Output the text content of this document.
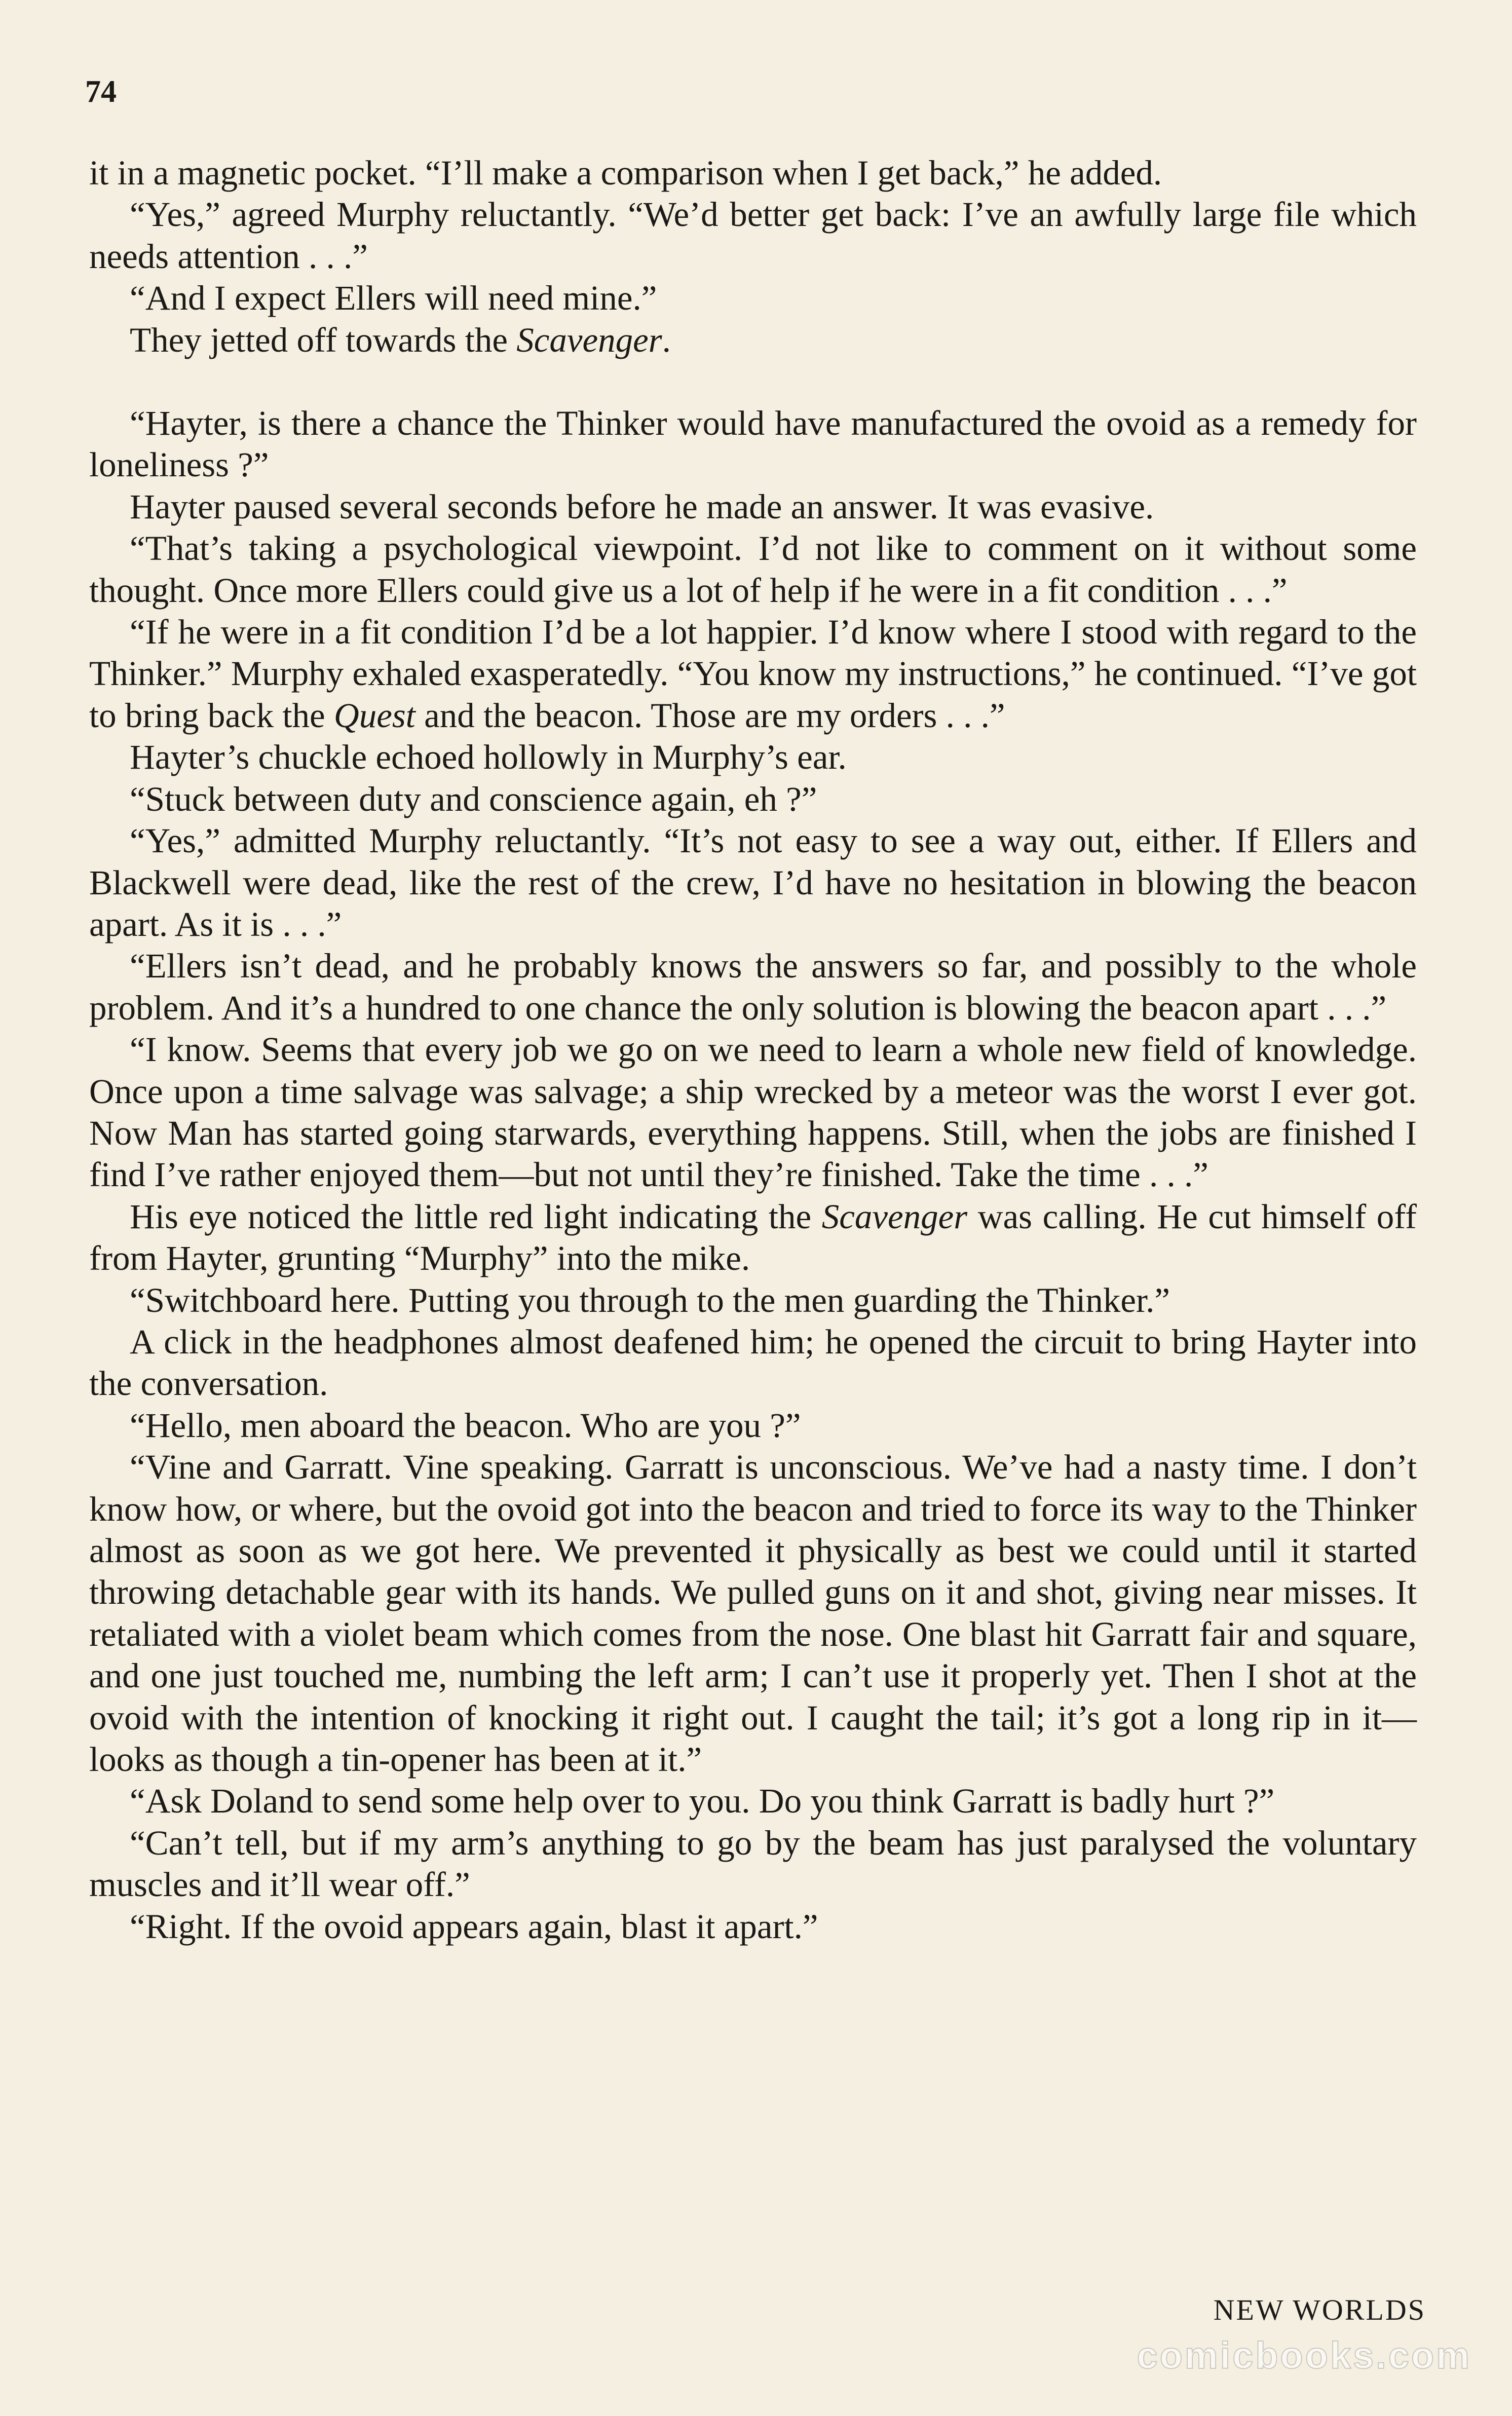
74

it in a magnetic pocket. “I’ll make a comparison when I get back,” he added.

“Yes,” agreed Murphy reluctantly. “We’d better get back: I’ve an awfully large file which needs attention . . .”

“And I expect Ellers will need mine.”

They jetted off towards the Scavenger.

“Hayter, is there a chance the Thinker would have manufactured the ovoid as a remedy for loneliness ?”

Hayter paused several seconds before he made an answer. It was evasive.

“That’s taking a psychological viewpoint. I’d not like to comment on it without some thought. Once more Ellers could give us a lot of help if he were in a fit condition . . .”

“If he were in a fit condition I’d be a lot happier. I’d know where I stood with regard to the Thinker.” Murphy exhaled exasperatedly. “You know my instructions,” he continued. “I’ve got to bring back the Quest and the beacon. Those are my orders . . .”

Hayter’s chuckle echoed hollowly in Murphy’s ear.

“Stuck between duty and conscience again, eh ?”

“Yes,” admitted Murphy reluctantly. “It’s not easy to see a way out, either. If Ellers and Blackwell were dead, like the rest of the crew, I’d have no hesitation in blowing the beacon apart. As it is . . .”

“Ellers isn’t dead, and he probably knows the answers so far, and possibly to the whole problem. And it’s a hundred to one chance the only solution is blowing the beacon apart . . .”

“I know. Seems that every job we go on we need to learn a whole new field of knowledge. Once upon a time salvage was salvage; a ship wrecked by a meteor was the worst I ever got. Now Man has started going starwards, everything happens. Still, when the jobs are finished I find I’ve rather enjoyed them—but not until they’re finished. Take the time . . .”

His eye noticed the little red light indicating the Scavenger was calling. He cut himself off from Hayter, grunting “Murphy” into the mike.

“Switchboard here. Putting you through to the men guarding the Thinker.”

A click in the headphones almost deafened him; he opened the circuit to bring Hayter into the conversation.

“Hello, men aboard the beacon. Who are you ?”

“Vine and Garratt. Vine speaking. Garratt is unconscious. We’ve had a nasty time. I don’t know how, or where, but the ovoid got into the beacon and tried to force its way to the Thinker almost as soon as we got here. We prevented it physically as best we could until it started throwing detachable gear with its hands. We pulled guns on it and shot, giving near misses. It retaliated with a violet beam which comes from the nose. One blast hit Garratt fair and square, and one just touched me, numbing the left arm; I can’t use it properly yet. Then I shot at the ovoid with the intention of knocking it right out. I caught the tail; it’s got a long rip in it—looks as though a tin-opener has been at it.”

“Ask Doland to send some help over to you. Do you think Garratt is badly hurt ?”

“Can’t tell, but if my arm’s anything to go by the beam has just paralysed the voluntary muscles and it’ll wear off.”

“Right. If the ovoid appears again, blast it apart.”

NEW WORLDS
comicbooks.com
